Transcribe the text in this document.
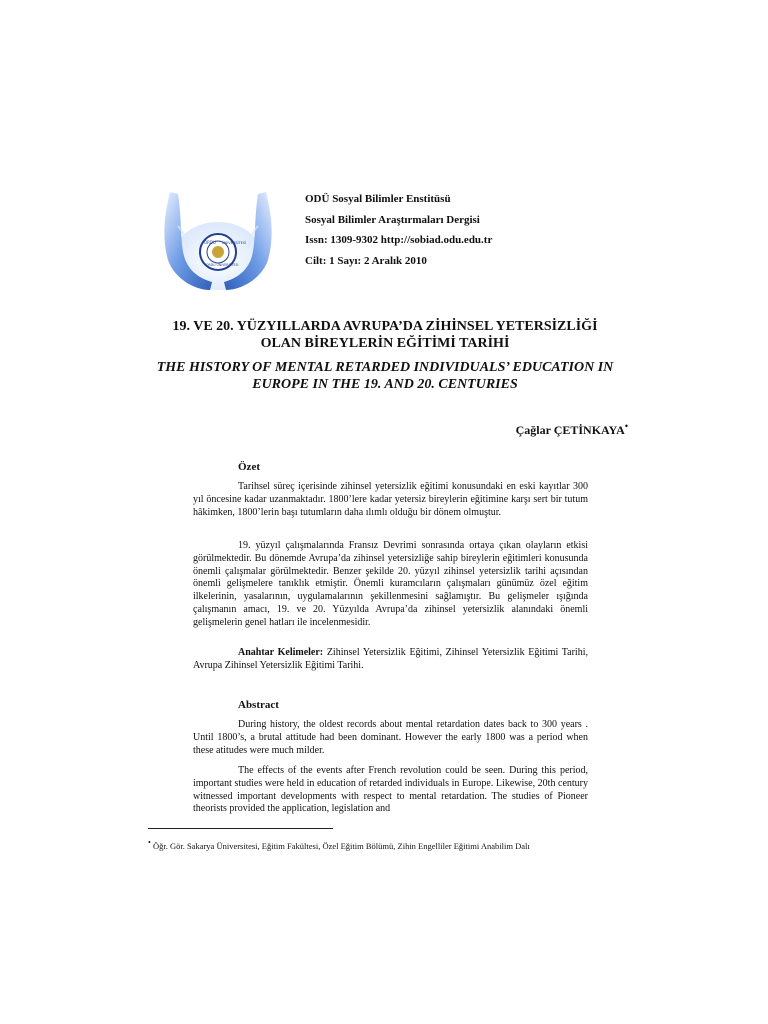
ORDU ÜNİVERSİTESİ
ORDU ÜNİVERSİTESİ
ODÜ Sosyal Bilimler Enstitüsü
Sosyal Bilimler Araştırmaları Dergisi
Issn: 1309-9302 http://sobiad.odu.edu.tr
Cilt: 1 Sayı: 2 Aralık 2010
19. VE 20. YÜZYILLARDA AVRUPA’DA ZİHİNSEL YETERSİZLİĞİ
OLAN BİREYLERİN EĞİTİMİ TARİHİ
THE HISTORY OF MENTAL RETARDED INDIVIDUALS’ EDUCATION IN
EUROPE IN THE 19. AND 20. CENTURIES
Çağlar ÇETİNKAYA•
Özet

Tarihsel süreç içerisinde zihinsel yetersizlik eğitimi konusundaki en eski kayıtlar 300 yıl öncesine kadar uzanmaktadır. 1800’lere kadar yetersiz bireylerin eğitimine karşı sert bir tutum hâkimken, 1800’lerin başı tutumların daha ılımlı olduğu bir dönem olmuştur.

19. yüzyıl çalışmalarında Fransız Devrimi sonrasında ortaya çıkan olayların etkisi görülmektedir. Bu dönemde Avrupa’da zihinsel yetersizliğe sahip bireylerin eğitimleri konusunda önemli çalışmalar görülmektedir. Benzer şekilde 20. yüzyıl zihinsel yetersizlik tarihi açısından önemli gelişmelere tanıklık etmiştir. Önemli kuramcıların çalışmaları günümüz özel eğitim ilkelerinin, yasalarının, uygulamalarının şekillenmesini sağlamıştır. Bu gelişmeler ışığında çalışmanın amacı, 19. ve 20. Yüzyılda Avrupa’da zihinsel yetersizlik alanındaki önemli gelişmelerin genel hatları ile incelenmesidir.

Anahtar Kelimeler: Zihinsel Yetersizlik Eğitimi, Zihinsel Yetersizlik Eğitimi Tarihi, Avrupa Zihinsel Yetersizlik Eğitimi Tarihi.

Abstract

During history, the oldest records about mental retardation dates back to 300 years . Until 1800’s, a brutal attitude had been dominant. However the early 1800 was a period when these atitudes were much milder.

The effects of the events after French revolution could be seen. During this period, important studies were held in education of retarded individuals in Europe. Likewise, 20th century witnessed important developments with respect to mental retardation. The studies of Pioneer theorists provided the application, legislation and

• Öğr. Gör. Sakarya Üniversitesi, Eğitim Fakültesi, Özel Eğitim Bölümü, Zihin Engelliler Eğitimi Anabilim Dalı
